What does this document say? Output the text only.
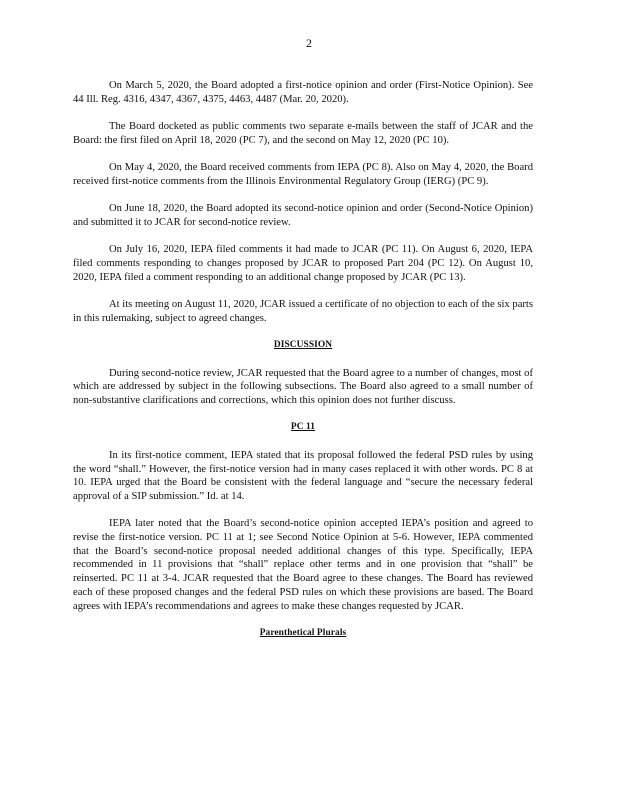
2

On March 5, 2020, the Board adopted a first-notice opinion and order (First-Notice Opinion). See 44 Ill. Reg. 4316, 4347, 4367, 4375, 4463, 4487 (Mar. 20, 2020).

The Board docketed as public comments two separate e-mails between the staff of JCAR and the Board: the first filed on April 18, 2020 (PC 7), and the second on May 12, 2020 (PC 10).

On May 4, 2020, the Board received comments from IEPA (PC 8). Also on May 4, 2020, the Board received first-notice comments from the Illinois Environmental Regulatory Group (IERG) (PC 9).

On June 18, 2020, the Board adopted its second-notice opinion and order (Second-Notice Opinion) and submitted it to JCAR for second-notice review.

On July 16, 2020, IEPA filed comments it had made to JCAR (PC 11). On August 6, 2020, IEPA filed comments responding to changes proposed by JCAR to proposed Part 204 (PC 12). On August 10, 2020, IEPA filed a comment responding to an additional change proposed by JCAR (PC 13).

At its meeting on August 11, 2020, JCAR issued a certificate of no objection to each of the six parts in this rulemaking, subject to agreed changes.

DISCUSSION

During second-notice review, JCAR requested that the Board agree to a number of changes, most of which are addressed by subject in the following subsections. The Board also agreed to a small number of non-substantive clarifications and corrections, which this opinion does not further discuss.

PC 11

In its first-notice comment, IEPA stated that its proposal followed the federal PSD rules by using the word “shall.” However, the first-notice version had in many cases replaced it with other words. PC 8 at 10. IEPA urged that the Board be consistent with the federal language and “secure the necessary federal approval of a SIP submission.” Id. at 14.

IEPA later noted that the Board’s second-notice opinion accepted IEPA’s position and agreed to revise the first-notice version. PC 11 at 1; see Second Notice Opinion at 5-6. However, IEPA commented that the Board’s second-notice proposal needed additional changes of this type. Specifically, IEPA recommended in 11 provisions that “shall” replace other terms and in one provision that “shall” be reinserted. PC 11 at 3-4. JCAR requested that the Board agree to these changes. The Board has reviewed each of these proposed changes and the federal PSD rules on which these provisions are based. The Board agrees with IEPA’s recommendations and agrees to make these changes requested by JCAR.

Parenthetical Plurals
